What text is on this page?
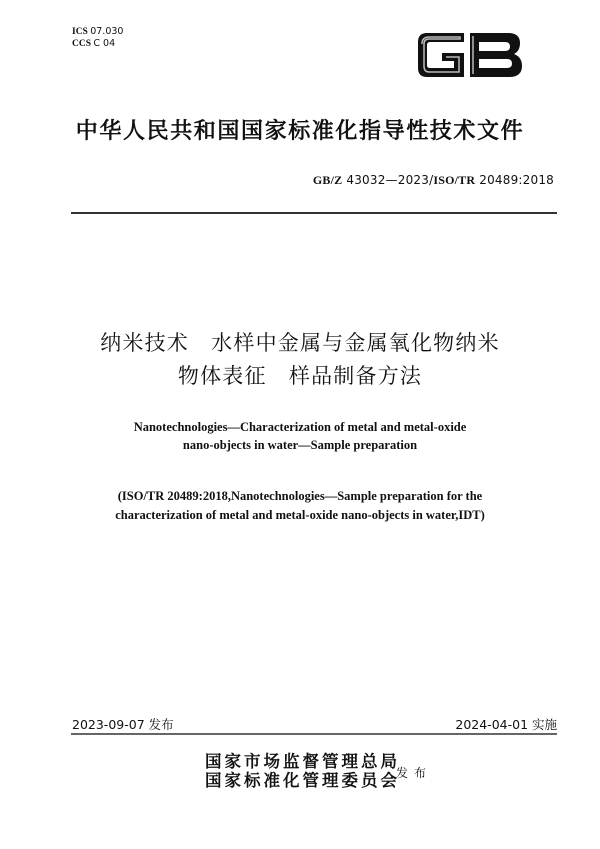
ICS 07.030
CCS C 04
中华人民共和国国家标准化指导性技术文件
GB/Z 43032—2023/ISO/TR 20489:2018
纳米技术　水样中金属与金属氧化物纳米
物体表征　样品制备方法
Nanotechnologies—Characterization of metal and metal-oxide
nano-objects in water—Sample preparation
(ISO/TR 20489:2018,Nanotechnologies—Sample preparation for the
characterization of metal and metal-oxide nano-objects in water,IDT)
2023-09-07 发布	2024-04-01 实施
国家市场监督管理总局
国家标准化管理委员会
发布
